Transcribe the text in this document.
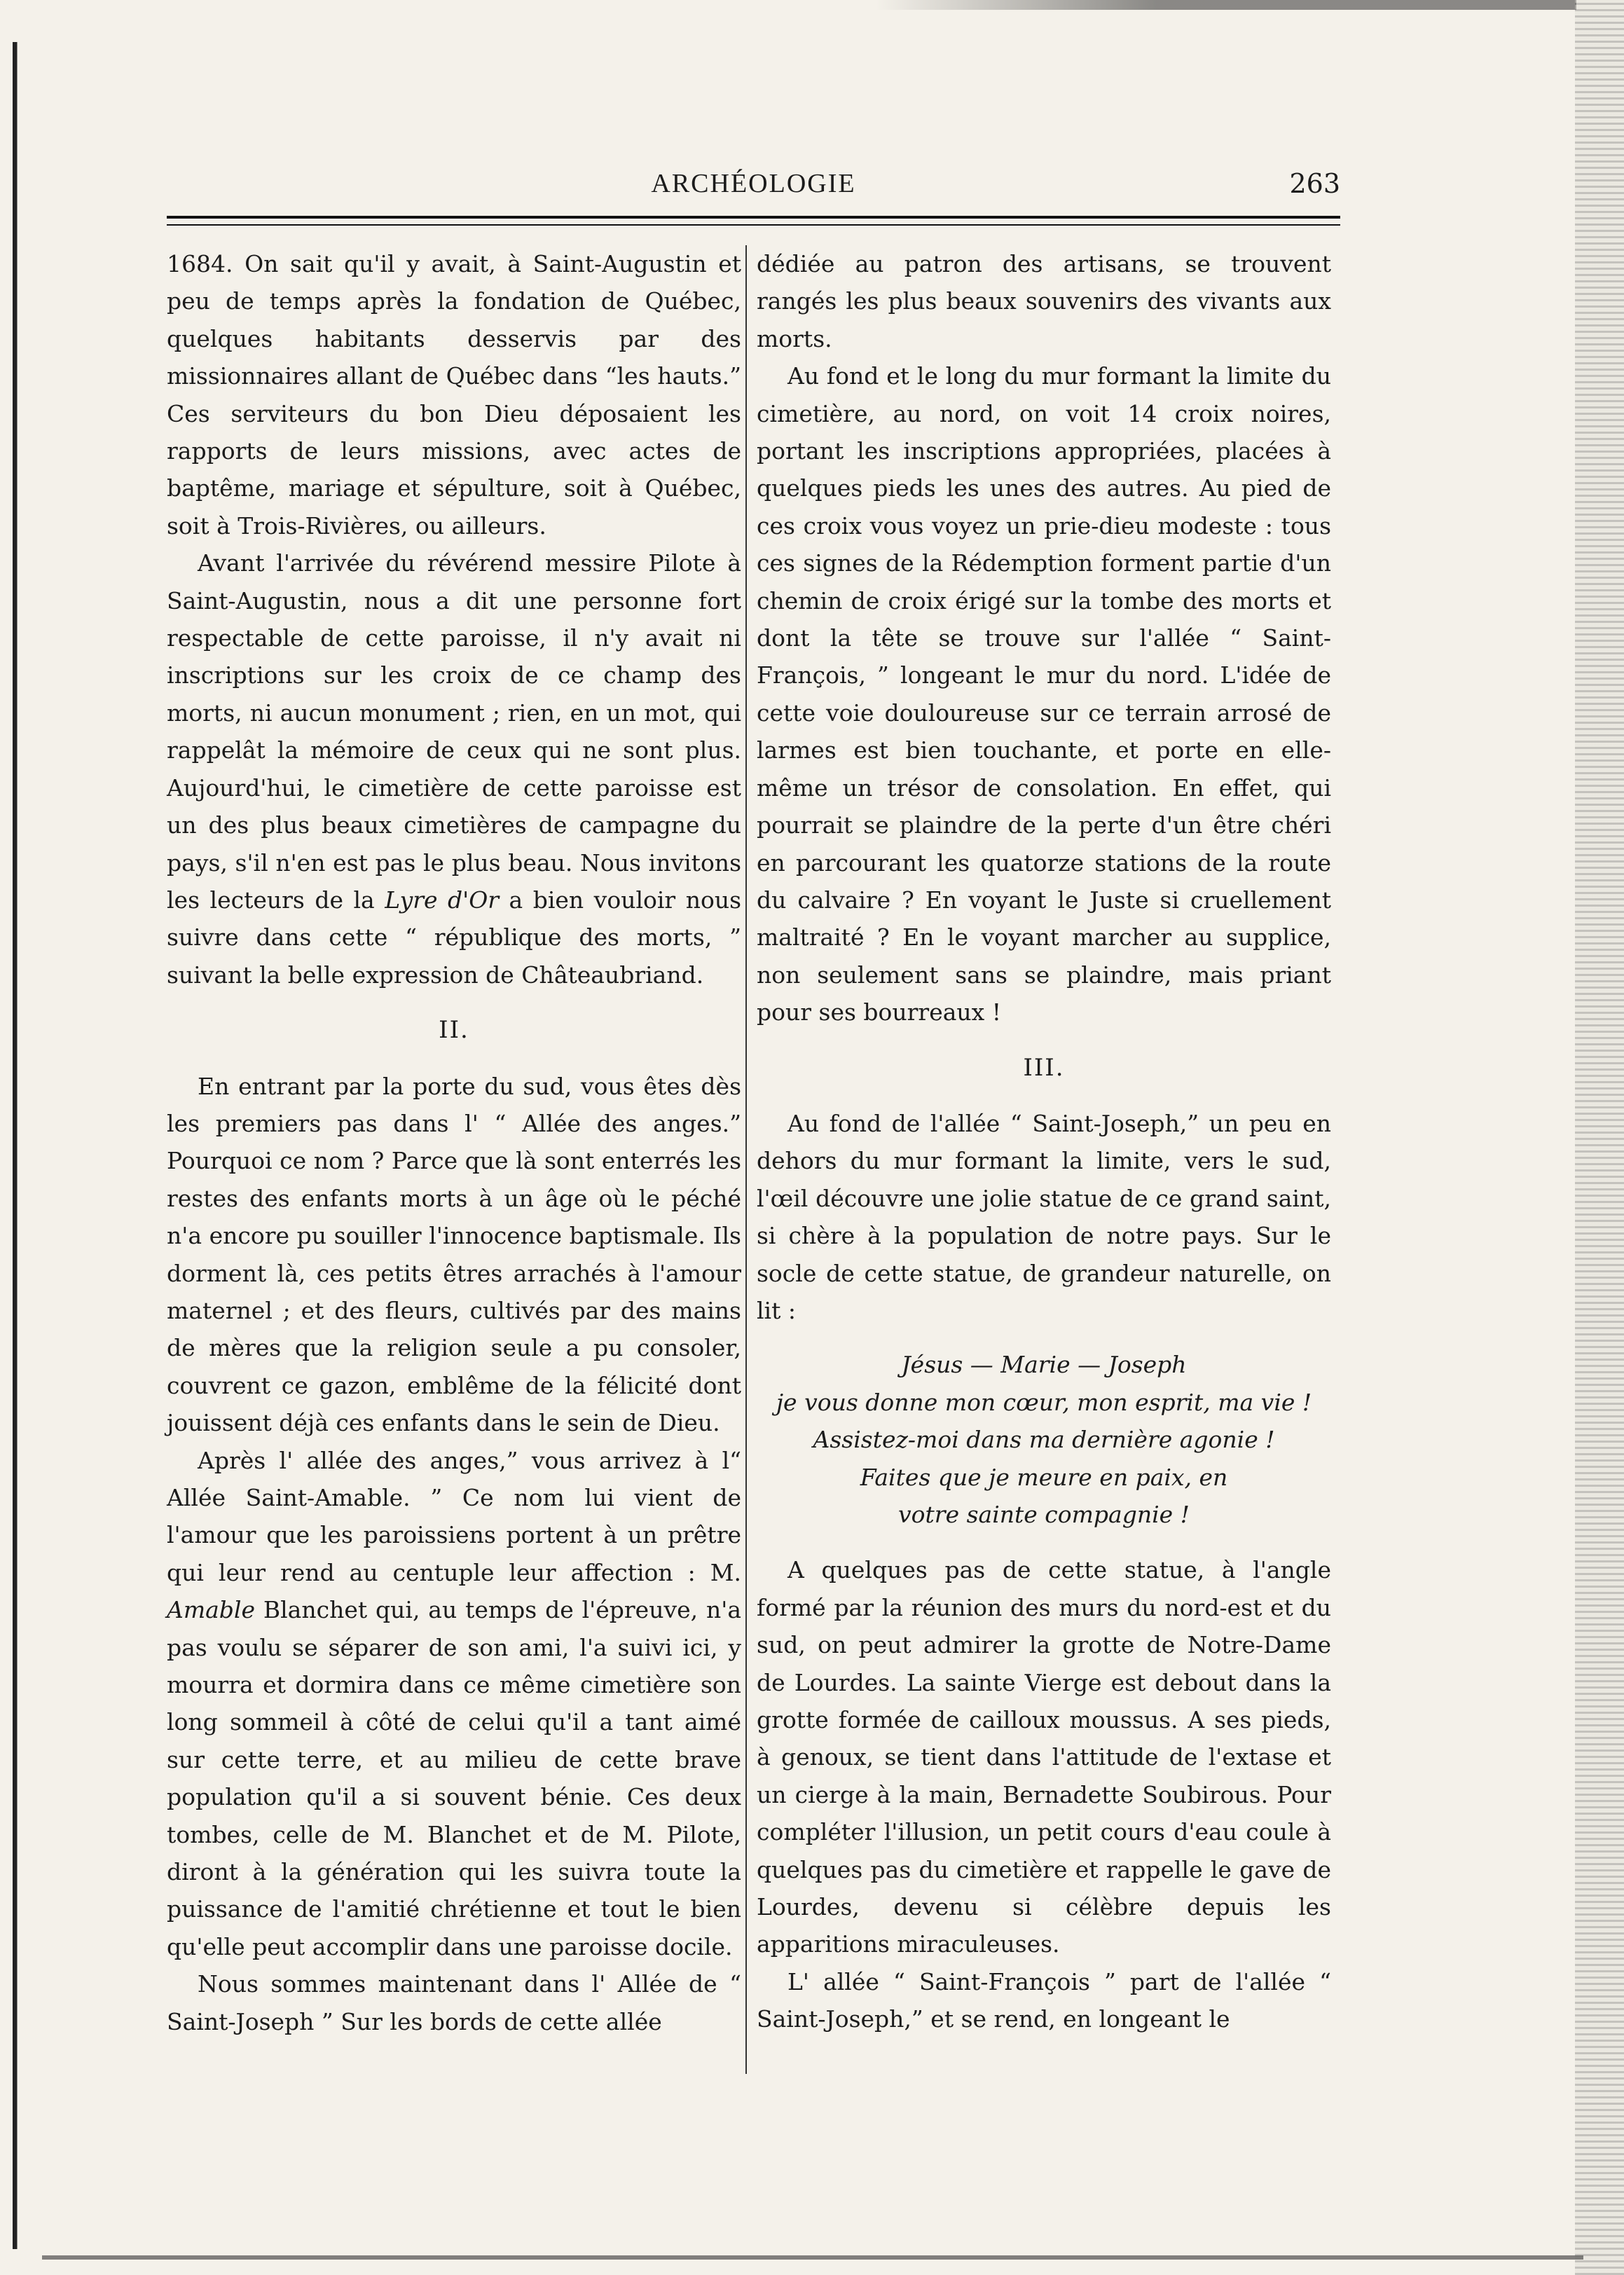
ARCHÉOLOGIE	263

1684. On sait qu'il y avait, à Saint-Augustin et peu de temps après la fondation de Québec, quelques habitants desservis par des missionnaires allant de Québec dans “les hauts.” Ces serviteurs du bon Dieu déposaient les rapports de leurs missions, avec actes de baptême, mariage et sépulture, soit à Québec, soit à Trois-Rivières, ou ailleurs.

Avant l'arrivée du révérend messire Pilote à Saint-Augustin, nous a dit une personne fort respectable de cette paroisse, il n'y avait ni inscriptions sur les croix de ce champ des morts, ni aucun monument ; rien, en un mot, qui rappelât la mémoire de ceux qui ne sont plus. Aujourd'hui, le cimetière de cette paroisse est un des plus beaux cimetières de campagne du pays, s'il n'en est pas le plus beau. Nous invitons les lecteurs de la Lyre d'Or a bien vouloir nous suivre dans cette “ république des morts, ” suivant la belle expression de Châteaubriand.

II.

En entrant par la porte du sud, vous êtes dès les premiers pas dans l' “ Allée des anges.” Pourquoi ce nom ? Parce que là sont enterrés les restes des enfants morts à un âge où le péché n'a encore pu souiller l'innocence baptismale. Ils dorment là, ces petits êtres arrachés à l'amour maternel ; et des fleurs, cultivés par des mains de mères que la religion seule a pu consoler, couvrent ce gazon, emblême de la félicité dont jouissent déjà ces enfants dans le sein de Dieu.

Après l' allée des anges,” vous arrivez à l“ Allée Saint-Amable. ” Ce nom lui vient de l'amour que les paroissiens portent à un prêtre qui leur rend au centuple leur affection : M. Amable Blanchet qui, au temps de l'épreuve, n'a pas voulu se séparer de son ami, l'a suivi ici, y mourra et dormira dans ce même cimetière son long sommeil à côté de celui qu'il a tant aimé sur cette terre, et au milieu de cette brave population qu'il a si souvent bénie. Ces deux tombes, celle de M. Blanchet et de M. Pilote, diront à la génération qui les suivra toute la puissance de l'amitié chrétienne et tout le bien qu'elle peut accomplir dans une paroisse docile.

Nous sommes maintenant dans l' Allée de “ Saint-Joseph ” Sur les bords de cette allée

dédiée au patron des artisans, se trouvent rangés les plus beaux souvenirs des vivants aux morts.

Au fond et le long du mur formant la limite du cimetière, au nord, on voit 14 croix noires, portant les inscriptions appropriées, placées à quelques pieds les unes des autres. Au pied de ces croix vous voyez un prie-dieu modeste : tous ces signes de la Rédemption forment partie d'un chemin de croix érigé sur la tombe des morts et dont la tête se trouve sur l'allée “ Saint-François, ” longeant le mur du nord. L'idée de cette voie douloureuse sur ce terrain arrosé de larmes est bien touchante, et porte en elle-même un trésor de consolation. En effet, qui pourrait se plaindre de la perte d'un être chéri en parcourant les quatorze stations de la route du calvaire ? En voyant le Juste si cruellement maltraité ? En le voyant marcher au supplice, non seulement sans se plaindre, mais priant pour ses bourreaux !

III.

Au fond de l'allée “ Saint-Joseph,” un peu en dehors du mur formant la limite, vers le sud, l'œil découvre une jolie statue de ce grand saint, si chère à la population de notre pays. Sur le socle de cette statue, de grandeur naturelle, on lit :

Jésus — Marie — Joseph
je vous donne mon cœur, mon esprit, ma vie !
Assistez-moi dans ma dernière agonie !
Faites que je meure en paix, en
votre sainte compagnie !

A quelques pas de cette statue, à l'angle formé par la réunion des murs du nord-est et du sud, on peut admirer la grotte de Notre-Dame de Lourdes. La sainte Vierge est debout dans la grotte formée de cailloux moussus. A ses pieds, à genoux, se tient dans l'attitude de l'extase et un cierge à la main, Bernadette Soubirous. Pour compléter l'illusion, un petit cours d'eau coule à quelques pas du cimetière et rappelle le gave de Lourdes, devenu si célèbre depuis les apparitions miraculeuses.

L' allée “ Saint-François ” part de l'allée “ Saint-Joseph,” et se rend, en longeant le
